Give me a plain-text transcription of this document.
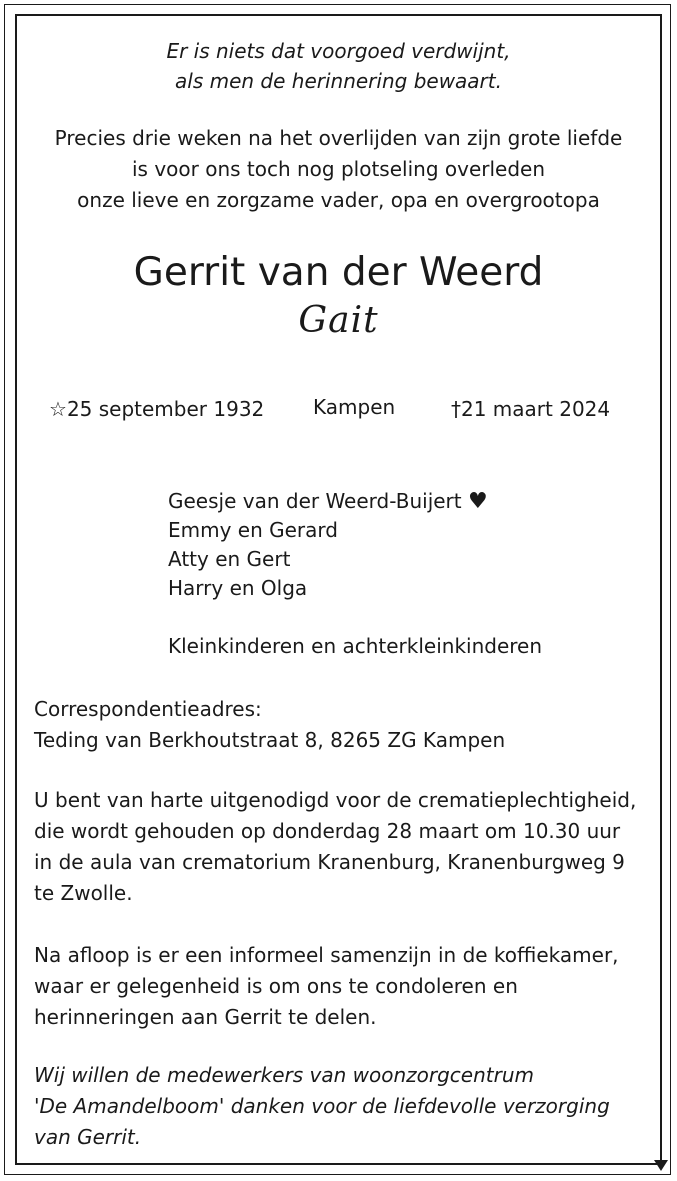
Er is niets dat voorgoed verdwijnt,
als men de herinnering bewaart.
Precies drie weken na het overlijden van zijn grote liefde
is voor ons toch nog plotseling overleden
onze lieve en zorgzame vader, opa en overgrootopa
Gerrit van der Weerd
Gait
☆25 september 1932 Kampen	†21 maart 2024
Geesje van der Weerd-Buijert ♥
Emmy en Gerard
Atty en Gert
Harry en Olga
Kleinkinderen en achterkleinkinderen
Correspondentieadres:
Teding van Berkhoutstraat 8, 8265 ZG Kampen
U bent van harte uitgenodigd voor de crematieplechtigheid,
die wordt gehouden op donderdag 28 maart om 10.30 uur
in de aula van crematorium Kranenburg, Kranenburgweg 9
te Zwolle.
Na afloop is er een informeel samenzijn in de koffiekamer,
waar er gelegenheid is om ons te condoleren en
herinneringen aan Gerrit te delen.
Wij willen de medewerkers van woonzorgcentrum
'De Amandelboom' danken voor de liefdevolle verzorging
van Gerrit.
